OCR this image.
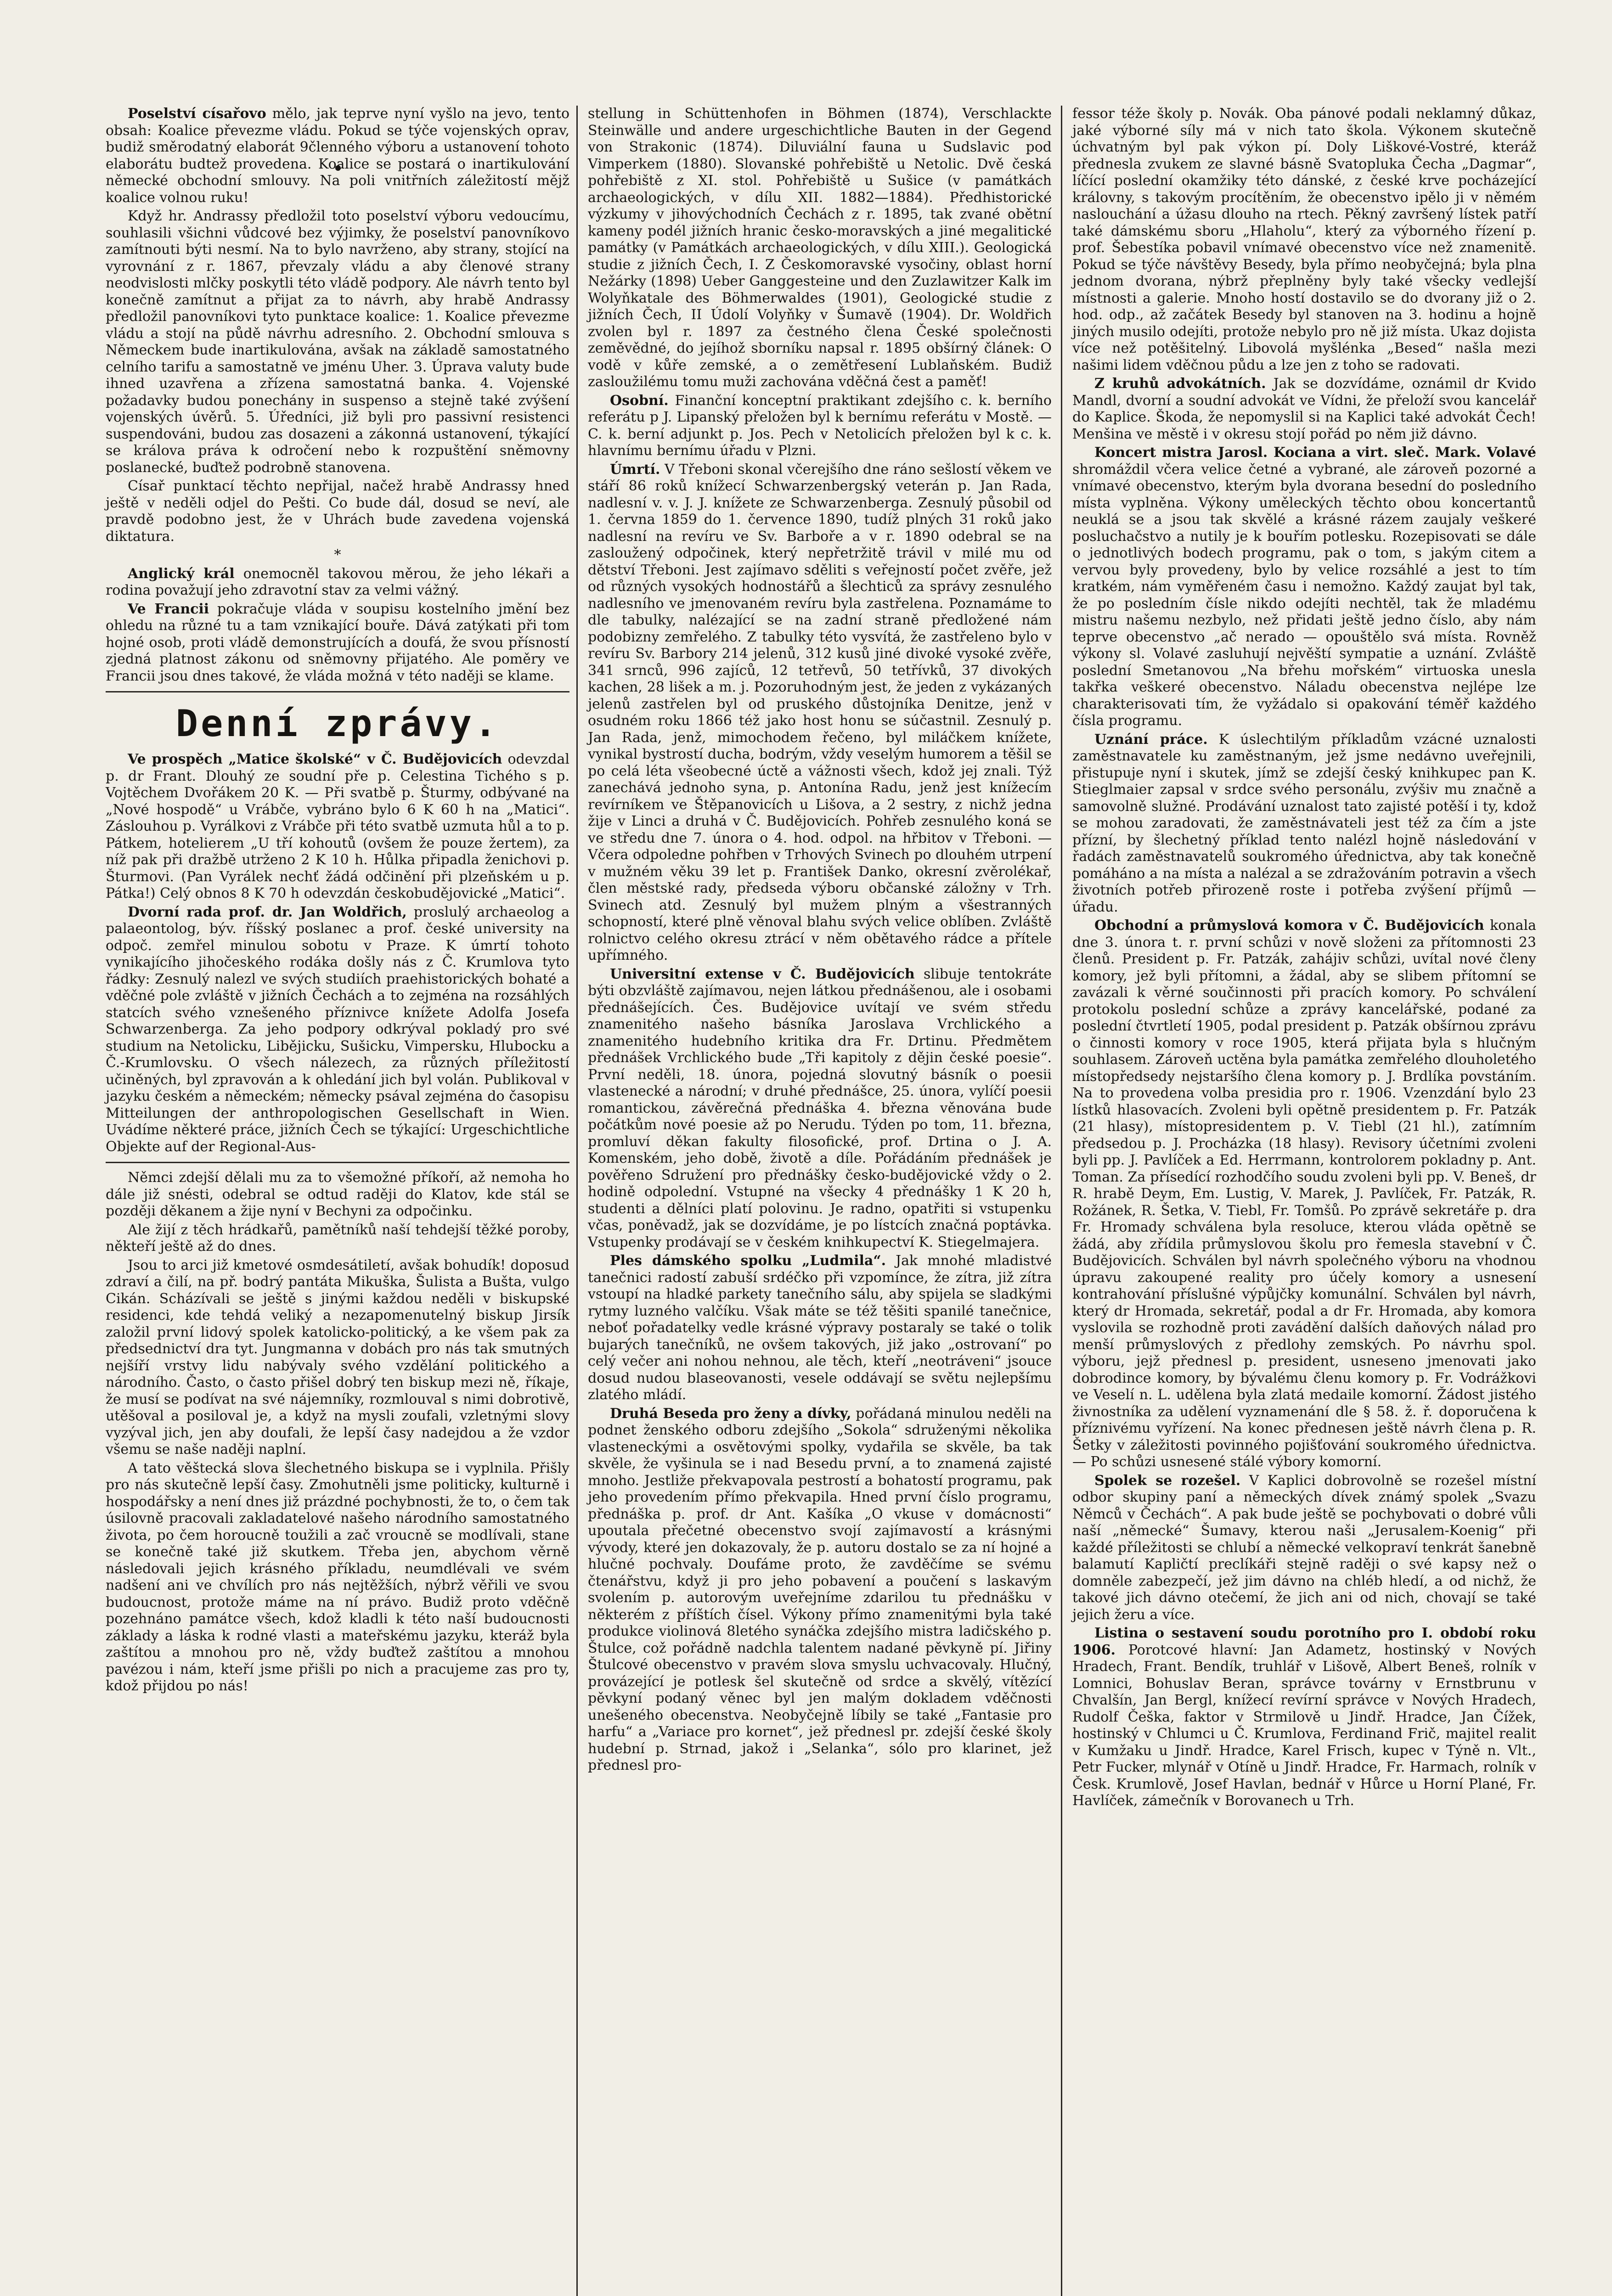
Poselství císařovo mělo, jak teprve nyní vyšlo na jevo, tento obsah: Koalice převezme vládu. Pokud se týče vojenských oprav, budiž směrodatný elaborát 9členného výboru a ustanovení tohoto elaborátu budtež provedena. Koalice se postará o inartikulování německé obchodní smlouvy. Na poli vnitřních záležitostí mějž koalice volnou ruku!

Když hr. Andrassy předložil toto poselství výboru vedoucímu, souhlasili všichni vůdcové bez výjimky, že poselství panovníkovo zamítnouti býti nesmí. Na to bylo navrženo, aby strany, stojící na vyrovnání z r. 1867, převzaly vládu a aby členové strany neodvislosti mlčky poskytli této vládě podpory. Ale návrh tento byl konečně zamítnut a přijat za to návrh, aby hrabě Andrassy předložil panovníkovi tyto punktace koalice: 1. Koalice převezme vládu a stojí na půdě návrhu adresního. 2. Obchodní smlouva s Německem bude inartikulována, avšak na základě samostatného celního tarifu a samostatně ve jménu Uher. 3. Úprava valuty bude ihned uzavřena a zřízena samostatná banka. 4. Vojenské požadavky budou ponechány in suspenso a stejně také zvýšení vojenských úvěrů. 5. Úředníci, již byli pro passivní resistenci suspendováni, budou zas dosazeni a zákonná ustanovení, týkající se králova práva k odročení nebo k rozpuštění sněmovny poslanecké, buďtež podrobně stanovena.

Císař punktací těchto nepřijal, načež hrabě Andrassy hned ještě v neděli odjel do Pešti. Co bude dál, dosud se neví, ale pravdě podobno jest, že v Uhrách bude zavedena vojenská diktatura.

*

Anglický král onemocněl takovou měrou, že jeho lékaři a rodina považují jeho zdravotní stav za velmi vážný.

Ve Francii pokračuje vláda v soupisu kostelního jmění bez ohledu na různé tu a tam vznikající bouře. Dává zatýkati při tom hojné osob, proti vládě demonstrujících a doufá, že svou přísností zjedná platnost zákonu od sněmovny přijatého. Ale poměry ve Francii jsou dnes takové, že vláda možná v této naději se klame.

Denní zprávy.

Ve prospěch „Matice školské“ v Č. Budějovicích odevzdal p. dr Frant. Dlouhý ze soudní pře p. Celestina Tichého s p. Vojtěchem Dvořákem 20 K. — Při svatbě p. Šturmy, odbývané na „Nové hospodě“ u Vrábče, vybráno bylo 6 K 60 h na „Matici“. Záslouhou p. Vyrálkovi z Vrábče při této svatbě uzmuta hůl a to p. Pátkem, hotelierem „U tří kohoutů (ovšem že pouze žertem), za níž pak při dražbě utrženo 2 K 10 h. Hůlka připadla ženichovi p. Šturmovi. (Pan Vyrálek nechť žádá odčinění při plzeňském u p. Pátka!) Celý obnos 8 K 70 h odevzdán českobudějovické „Matici“.

Dvorní rada prof. dr. Jan Woldřich, proslulý archaeolog a palaeontolog, býv. říšský poslanec a prof. české university na odpoč. zemřel minulou sobotu v Praze. K úmrtí tohoto vynikajícího jihočeského rodáka došly nás z Č. Krumlova tyto řádky: Zesnulý nalezl ve svých studiích praehistorických bohaté a vděčné pole zvláště v jižních Čechách a to zejména na rozsáhlých statcích svého vznešeného příznivce knížete Adolfa Josefa Schwarzenberga. Za jeho podpory odkrýval pokladý pro své studium na Netolicku, Libějicku, Sušicku, Vimpersku, Hlubocku a Č.-Krumlovsku. O všech nálezech, za různých příležitostí učiněných, byl zpravován a k ohledání jich byl volán. Publikoval v jazyku českém a německém; německy psával zejména do časopisu Mitteilungen der anthropologischen Gesellschaft in Wien. Uvádíme některé práce, jižních Čech se týkající: Urgeschichtliche Objekte auf der Regional-Aus-

Němci zdejší dělali mu za to všemožné příkoří, až nemoha ho dále již snésti, odebral se odtud raději do Klatov, kde stál se později děkanem a žije nyní v Bechyni za odpočinku.

Ale žijí z těch hrádkařů, pamětníků naší tehdejší těžké poroby, někteří ještě až do dnes.

Jsou to arci již kmetové osmdesátiletí, avšak bohudík! doposud zdraví a čilí, na př. bodrý pantáta Mikuška, Šulista a Bušta, vulgo Cikán. Scházívali se ještě s jinými každou neděli v biskupské residenci, kde tehdá veliký a nezapomenutelný biskup Jirsík založil první lidový spolek katolicko-politický, a ke všem pak za předsednictví dra tyt. Jungmanna v dobách pro nás tak smutných nejšíří vrstvy lidu nabývaly svého vzdělání politického a národního. Často, o často přišel dobrý ten biskup mezi ně, říkaje, že musí se podívat na své nájemníky, rozmlouval s nimi dobrotivě, utěšoval a posiloval je, a když na mysli zoufali, vzletnými slovy vyzýval jich, jen aby doufali, že lepší časy nadejdou a že vzdor všemu se naše naději naplní.

A tato věštecká slova šlechetného biskupa se i vyplnila. Přišly pro nás skutečně lepší časy. Zmohutněli jsme politicky, kulturně i hospodářsky a není dnes již prázdné pochybnosti, že to, o čem tak úsilovně pracovali zakladatelové našeho národního samostatného života, po čem horoucně toužili a zač vroucně se modlívali, stane se konečně také již skutkem. Třeba jen, abychom věrně následovali jejich krásného příkladu, neumdlévali ve svém nadšení ani ve chvílích pro nás nejtěžších, nýbrž věřili ve svou budoucnost, protože máme na ní právo. Budiž proto vděčně pozehnáno památce všech, kdož kladli k této naší budoucnosti základy a láska k rodné vlasti a mateřskému jazyku, kteráž byla zaštítou a mnohou pro ně, vždy buďtež zaštítou a mnohou pavézou i nám, kteří jsme přišli po nich a pracujeme zas pro ty, kdož přijdou po nás!

stellung in Schüttenhofen in Böhmen (1874), Verschlackte Steinwälle und andere urgeschichtliche Bauten in der Gegend von Strakonic (1874). Diluviální fauna u Sudslavic pod Vimperkem (1880). Slovanské pohřebiště u Netolic. Dvě česká pohřebiště z XI. stol. Pohřebiště u Sušice (v památkách archaeologických, v dílu XII. 1882—1884). Předhistorické výzkumy v jihovýchodních Čechách z r. 1895, tak zvané obětní kameny podél jižních hranic česko-moravských a jiné megalitické památky (v Památkách archaeologických, v dílu XIII.). Geologická studie z jižních Čech, I. Z Českomoravské vysočiny, oblast horní Nežárky (1898) Ueber Ganggesteine und den Zuzlawitzer Kalk im Wolyňkatale des Böhmerwaldes (1901), Geologické studie z jižních Čech, II Údolí Volyňky v Šumavě (1904). Dr. Woldřich zvolen byl r. 1897 za čestného člena České společnosti zeměvědné, do jejíhož sborníku napsal r. 1895 obšírný článek: O vodě v kůře zemské, a o zemětřesení Lublaňském. Budiž zasloužilému tomu muži zachována vděčná čest a paměť!

Osobní. Finanční konceptní praktikant zdejšího c. k. berního referátu p J. Lipanský přeložen byl k bernímu referátu v Mostě. — C. k. berní adjunkt p. Jos. Pech v Netolicích přeložen byl k c. k. hlavnímu bernímu úřadu v Plzni.

Úmrtí. V Třeboni skonal včerejšího dne ráno sešlostí věkem ve stáří 86 roků knížecí Schwarzenbergský veterán p. Jan Rada, nadlesní v. v. J. J. knížete ze Schwarzenberga. Zesnulý působil od 1. června 1859 do 1. července 1890, tudíž plných 31 roků jako nadlesní na revíru ve Sv. Barboře a v r. 1890 odebral se na zasloužený odpočinek, který nepřetržitě trávil v milé mu od dětství Třeboni. Jest zajímavo sděliti s veřejností počet zvěře, jež od různých vysokých hodnostářů a šlechticů za správy zesnulého nadlesního ve jmenovaném revíru byla zastřelena. Poznamáme to dle tabulky, nalézající se na zadní straně předložené nám podobizny zemřelého. Z tabulky této vysvítá, že zastřeleno bylo v revíru Sv. Barbory 214 jelenů, 312 kusů jiné divoké vysoké zvěře, 341 srnců, 996 zajíců, 12 tetřevů, 50 tetřívků, 37 divokých kachen, 28 lišek a m. j. Pozoruhodným jest, že jeden z vykázaných jelenů zastřelen byl od pruského důstojníka Denitze, jenž v osudném roku 1866 též jako host honu se súčastnil. Zesnulý p. Jan Rada, jenž, mimochodem řečeno, byl miláčkem knížete, vynikal bystrostí ducha, bodrým, vždy veselým humorem a těšil se po celá léta všeobecné úctě a vážnosti všech, kdož jej znali. Týž zanechává jednoho syna, p. Antonína Radu, jenž jest knížecím revírníkem ve Štěpanovicích u Lišova, a 2 sestry, z nichž jedna žije v Linci a druhá v Č. Budějovicích. Pohřeb zesnulého koná se ve středu dne 7. února o 4. hod. odpol. na hřbitov v Třeboni. — Včera odpoledne pohřben v Trhových Svinech po dlouhém utrpení v mužném věku 39 let p. František Danko, okresní zvěrolékař, člen městské rady, předseda výboru občanské záložny v Trh. Svinech atd. Zesnulý byl mužem plným a všestranných schopností, které plně věnoval blahu svých velice oblíben. Zvláště rolnictvo celého okresu ztrácí v něm obětavého rádce a přítele upřímného.

Universitní extense v Č. Budějovicích slibuje tentokráte býti obzvláště zajímavou, nejen látkou přednášenou, ale i osobami přednášejících. Čes. Budějovice uvítají ve svém středu znamenitého našeho básníka Jaroslava Vrchlického a znamenitého hudebního kritika dra Fr. Drtinu. Předmětem přednášek Vrchlického bude „Tři kapitoly z dějin české poesie“. První neděli, 18. února, pojedná slovutný básník o poesii vlastenecké a národní; v druhé přednášce, 25. února, vylíčí poesii romantickou, závěrečná přednáška 4. března věnována bude počátkům nové poesie až po Nerudu. Týden po tom, 11. března, promluví děkan fakulty filosofické, prof. Drtina o J. A. Komenském, jeho době, životě a díle. Pořádáním přednášek je pověřeno Sdružení pro přednášky česko-budějovické vždy o 2. hodině odpolední. Vstupné na všecky 4 přednášky 1 K 20 h, studenti a dělníci platí polovinu. Je radno, opatřiti si vstupenku včas, poněvadž, jak se dozvídáme, je po lístcích značná poptávka. Vstupenky prodávají se v českém knihkupectví K. Stiegelmajera.

Ples dámského spolku „Ludmila“. Jak mnohé mladistvé tanečnici radostí zabuší srdéčko při vzpomínce, že zítra, již zítra vstoupí na hladké parkety tanečního sálu, aby spijela se sladkými rytmy luzného valčíku. Však máte se též těšiti spanilé tanečnice, neboť pořadatelky vedle krásné výpravy postaraly se také o tolik bujarých tanečníků, ne ovšem takových, již jako „ostrovaní“ po celý večer ani nohou nehnou, ale těch, kteří „neotráveni“ jsouce dosud nudou blaseovanosti, vesele oddávají se světu nejlepšímu zlatého mládí.

Druhá Beseda pro ženy a dívky, pořádaná minulou neděli na podnet ženského odboru zdejšího „Sokola“ sdruženými několika vlasteneckými a osvětovými spolky, vydařila se skvěle, ba tak skvěle, že vyšinula se i nad Besedu první, a to znamená zajisté mnoho. Jestliže překvapovala pestrostí a bohatostí programu, pak jeho provedením přímo překvapila. Hned první číslo programu, přednáška p. prof. dr Ant. Kašíka „O vkuse v domácnosti“ upoutala přečetné obecenstvo svojí zajímavostí a krásnými vývody, které jen dokazovaly, že p. autoru dostalo se za ní hojné a hlučné pochvaly. Doufáme proto, že zavděčíme se svému čtenářstvu, když ji pro jeho pobavení a poučení s laskavým svolením p. autorovým uveřejníme zdarilou tu přednášku v některém z příštích čísel. Výkony přímo znamenitými byla také produkce violinová 8letého synáčka zdejšího mistra ladičského p. Štulce, což pořádně nadchla talentem nadané pěvkyně pí. Jiřiny Štulcové obecenstvo v pravém slova smyslu uchvacovaly. Hlučný, provázející je potlesk šel skutečně od srdce a skvělý, vítězící pěvkyní podaný věnec byl jen malým dokladem vděčnosti unešeného obecenstva. Neobyčejně líbily se také „Fantasie pro harfu“ a „Variace pro kornet“, jež přednesl pr. zdejší české školy hudební p. Strnad, jakož i „Selanka“, sólo pro klarinet, jež přednesl pro-

fessor téže školy p. Novák. Oba pánové podali neklamný důkaz, jaké výborné síly má v nich tato škola. Výkonem skutečně úchvatným byl pak výkon pí. Doly Liškové-Vostré, kteráž přednesla zvukem ze slavné básně Svatopluka Čecha „Dagmar“, líčící poslední okamžiky této dánské, z české krve pocházející královny, s takovým procítěním, že obecenstvo ipělo ji v němém naslouchání a úžasu dlouho na rtech. Pěkný završený lístek patří také dámskému sboru „Hlaholu“, který za výborného řízení p. prof. Šebestíka pobavil vnímavé obecenstvo více než znamenitě. Pokud se týče návštěvy Besedy, byla přímo neobyčejná; byla plna jednom dvorana, nýbrž přeplněny byly také všecky vedlejší místnosti a galerie. Mnoho hostí dostavilo se do dvorany již o 2. hod. odp., až začátek Besedy byl stanoven na 3. hodinu a hojně jiných musilo odejíti, protože nebylo pro ně již místa. Ukaz dojista více než potěšitelný. Libovolá myšlénka „Besed“ našla mezi našimi lidem vděčnou půdu a lze jen z toho se radovati.

Z kruhů advokátních. Jak se dozvídáme, oznámil dr Kvido Mandl, dvorní a soudní advokát ve Vídni, že přeloží svou kancelář do Kaplice. Škoda, že nepomyslil si na Kaplici také advokát Čech! Menšina ve městě i v okresu stojí pořád po něm již dávno.

Koncert mistra Jarosl. Kociana a virt. sleč. Mark. Volavé shromáždil včera velice četné a vybrané, ale zároveň pozorné a vnímavé obecenstvo, kterým byla dvorana besední do posledního místa vyplněna. Výkony uměleckých těchto obou koncertantů neuklá se a jsou tak skvělé a krásné rázem zaujaly veškeré posluchačstvo a nutily je k bouřím potlesku. Rozepisovati se dále o jednotlivých bodech programu, pak o tom, s jakým citem a vervou byly provedeny, bylo by velice rozsáhlé a jest to tím kratkém, nám vyměřeném času i nemožno. Každý zaujat byl tak, že po posledním čísle nikdo odejíti nechtěl, tak že mladému mistru našemu nezbylo, než přidati ještě jedno číslo, aby nám teprve obecenstvo „ač nerado — opouštělo svá místa. Rovněž výkony sl. Volavé zasluhují nejvěští sympatie a uznání. Zvláště poslední Smetanovou „Na břehu mořském“ virtuoska unesla takřka veškeré obecenstvo. Náladu obecenstva nejlépe lze charakterisovati tím, že vyžádalo si opakování téměř každého čísla programu.

Uznání práce. K úslechtilým příkladům vzácné uznalosti zaměstnavatele ku zaměstnaným, jež jsme nedávno uveřejnili, přistupuje nyní i skutek, jímž se zdejší český knihkupec pan K. Stieglmaier zapsal v srdce svého personálu, zvýšiv mu značně a samovolně služné. Prodávání uznalost tato zajisté potěší i ty, kdož se mohou zaradovati, že zaměstnávateli jest též za čím a jste přízní, by šlechetný příklad tento nalézl hojně následování v řadách zaměstnavatelů soukromého úřednictva, aby tak konečně pomáháno a na místa a nalézal a se zdražováním potravin a všech životních potřeb přirozeně roste i potřeba zvýšení příjmů — úřadu.

Obchodní a průmyslová komora v Č. Budějovicích konala dne 3. února t. r. první schůzi v nově složeni za přítomnosti 23 členů. President p. Fr. Patzák, zahájiv schůzi, uvítal nové členy komory, jež byli přítomni, a žádal, aby se slibem přítomní se zavázali k věrné součinnosti při pracích komory. Po schválení protokolu poslední schůze a zprávy kancelářské, podané za poslední čtvrtletí 1905, podal president p. Patzák obšírnou zprávu o činnosti komory v roce 1905, která přijata byla s hlučným souhlasem. Zároveň uctěna byla památka zemřelého dlouholetého místopředsedy nejstaršího člena komory p. J. Brdlíka povstáním. Na to provedena volba presidia pro r. 1906. Vzenzdání bylo 23 lístků hlasovacích. Zvoleni byli opětně presidentem p. Fr. Patzák (21 hlasy), místopresidentem p. V. Tiebl (21 hl.), zatímním předsedou p. J. Procházka (18 hlasy). Revisory účetními zvoleni byli pp. J. Pavlíček a Ed. Herrmann, kontrolorem pokladny p. Ant. Toman. Za přísedící rozhodčího soudu zvoleni byli pp. V. Beneš, dr R. hrabě Deym, Em. Lustig, V. Marek, J. Pavlíček, Fr. Patzák, R. Rožánek, R. Šetka, V. Tiebl, Fr. Tomšů. Po zprávě sekretáře p. dra Fr. Hromady schválena byla resoluce, kterou vláda opětně se žádá, aby zřídila průmyslovou školu pro řemesla stavební v Č. Budějovicích. Schválen byl návrh společného výboru na vhodnou úpravu zakoupené reality pro účely komory a usnesení kontrahování příslušné výpůjčky komunální. Schválen byl návrh, který dr Hromada, sekretář, podal a dr Fr. Hromada, aby komora vyslovila se rozhodně proti zavádění dalších daňových nálad pro menší průmyslových z předlohy zemských. Po návrhu spol. výboru, jejž přednesl p. president, usneseno jmenovati jako dobrodince komory, by bývalému členu komory p. Fr. Vodrážkovi ve Veselí n. L. udělena byla zlatá medaile komorní. Žádost jistého živnostníka za udělení vyznamenání dle § 58. ž. ř. doporučena k příznivému vyřízení. Na konec přednesen ještě návrh člena p. R. Šetky v záležitosti povinného pojišťování soukromého úřednictva. — Po schůzi usnesené stálé výbory komorní.

Spolek se rozešel. V Kaplici dobrovolně se rozešel místní odbor skupiny paní a německých dívek známý spolek „Svazu Němců v Čechách“. A pak bude ještě se pochybovati o dobré vůli naší „německé“ Šumavy, kterou naši „Jerusalem-Koenig“ při každé příležitosti se chlubí a německé velkopraví tenkrát šanebně balamutí Kapličtí preclíkáři stejně raději o své kapsy než o domněle zabezpečí, jež jim dávno na chléb hledí, a od nichž, že takové jich dávno otečemí, že jich ani od nich, chovají se také jejich žeru a více.

Listina o sestavení soudu porotního pro I. období roku 1906. Porotcové hlavní: Jan Adametz, hostinský v Nových Hradech, Frant. Bendík, truhlář v Lišově, Albert Beneš, rolník v Lomnici, Bohuslav Beran, správce továrny v Ernstbrunu v Chvalšín, Jan Bergl, knížecí revírní správce v Nových Hradech, Rudolf Češka, faktor v Strmilově u Jindř. Hradce, Jan Čížek, hostinský v Chlumci u Č. Krumlova, Ferdinand Frič, majitel realit v Kumžaku u Jindř. Hradce, Karel Frisch, kupec v Týně n. Vlt., Petr Fucker, mlynář v Otíně u Jindř. Hradce, Fr. Harmach, rolník v Česk. Krumlově, Josef Havlan, bednář v Hůrce u Horní Plané, Fr. Havlíček, zámečník v Borovanech u Trh.
